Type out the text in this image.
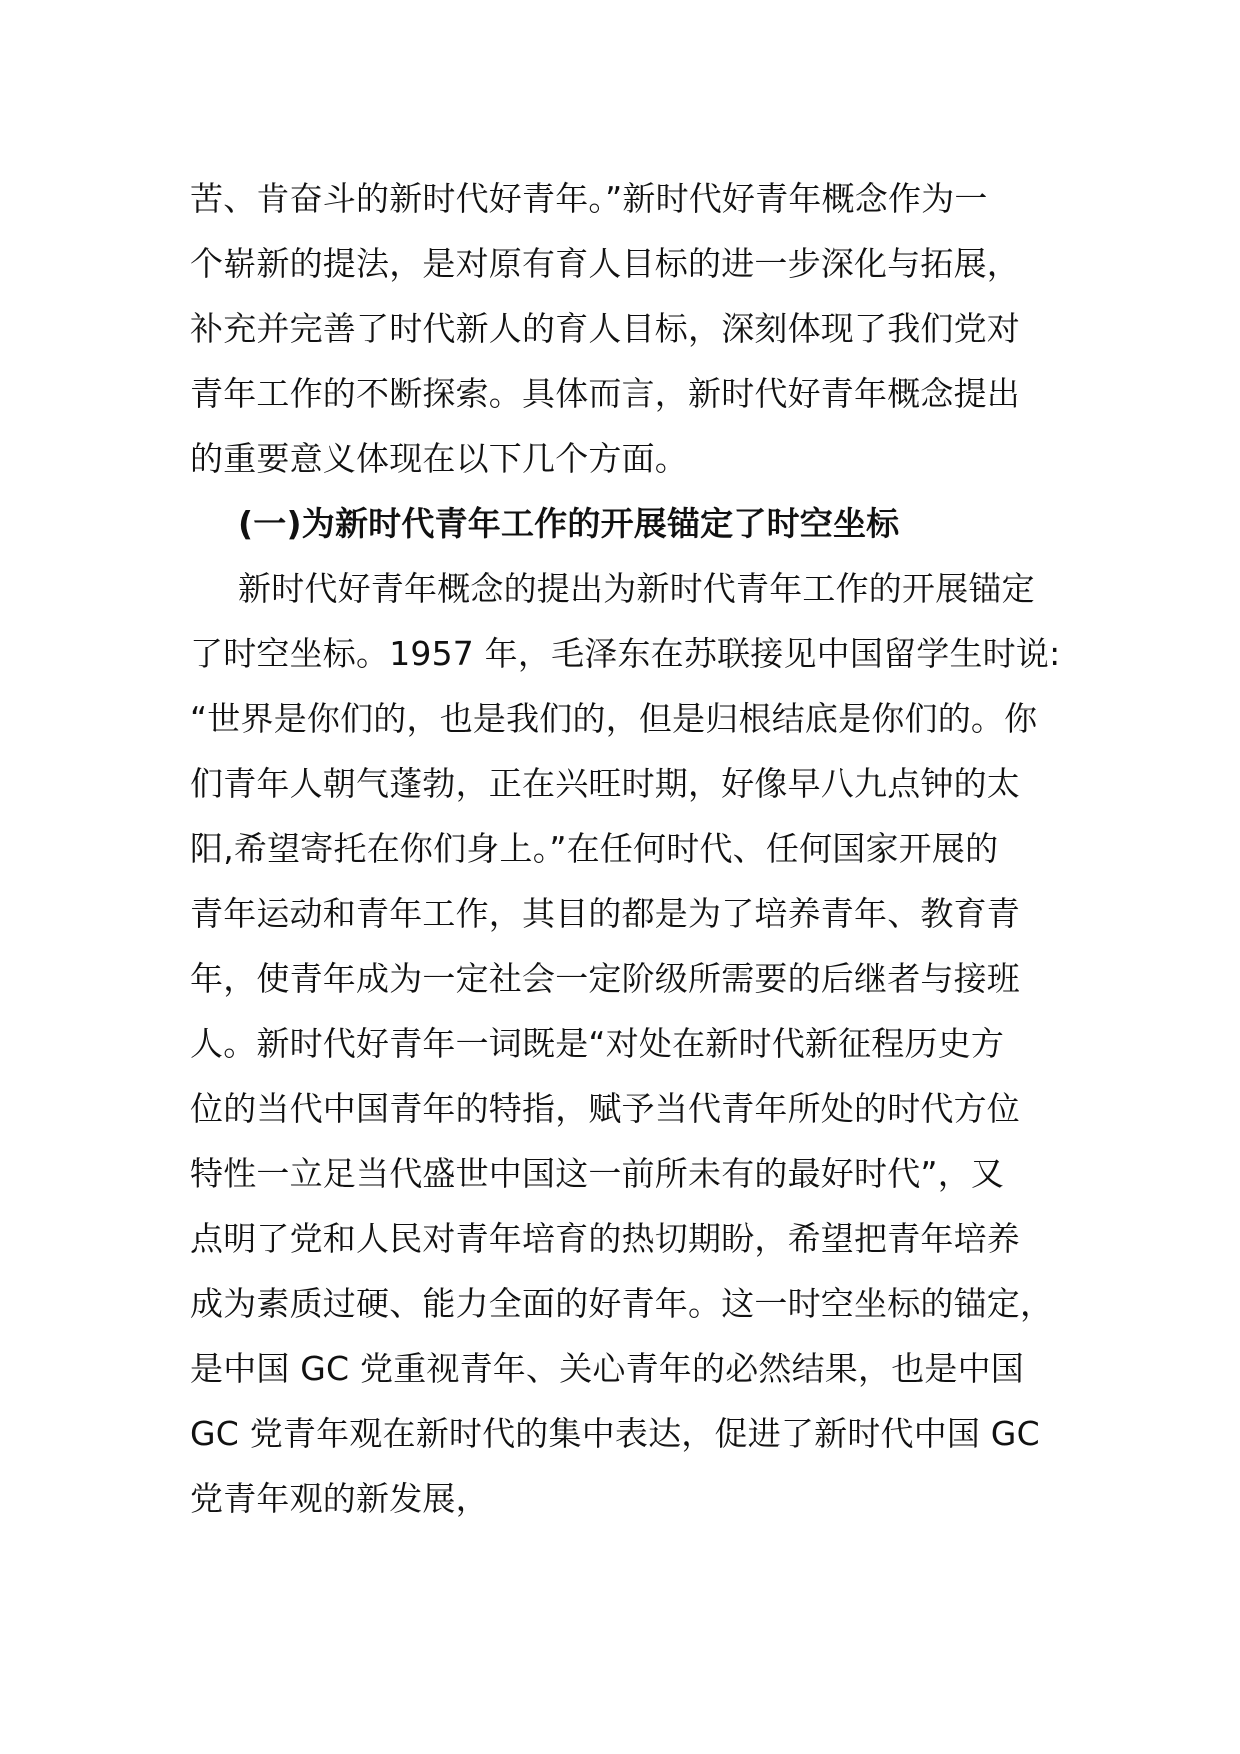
苦、肯奋斗的新时代好青年。”新时代好青年概念作为一
个崭新的提法，是对原有育人目标的进一步深化与拓展，
补充并完善了时代新人的育人目标，深刻体现了我们党对
青年工作的不断探索。具体而言，新时代好青年概念提出
的重要意义体现在以下几个方面。
(一)为新时代青年工作的开展锚定了时空坐标
新时代好青年概念的提出为新时代青年工作的开展锚定
了时空坐标。1957 年，毛泽东在苏联接见中国留学生时说:
“世界是你们的，也是我们的，但是归根结底是你们的。你
们青年人朝气蓬勃，正在兴旺时期，好像早八九点钟的太
阳,希望寄托在你们身上。”在任何时代、任何国家开展的
青年运动和青年工作，其目的都是为了培养青年、教育青
年，使青年成为一定社会一定阶级所需要的后继者与接班
人。新时代好青年一词既是“对处在新时代新征程历史方
位的当代中国青年的特指，赋予当代青年所处的时代方位
特性一立足当代盛世中国这一前所未有的最好时代”，又
点明了党和人民对青年培育的热切期盼，希望把青年培养
成为素质过硬、能力全面的好青年。这一时空坐标的锚定，
是中国 GC 党重视青年、关心青年的必然结果，也是中国
GC 党青年观在新时代的集中表达，促进了新时代中国 GC
党青年观的新发展，
